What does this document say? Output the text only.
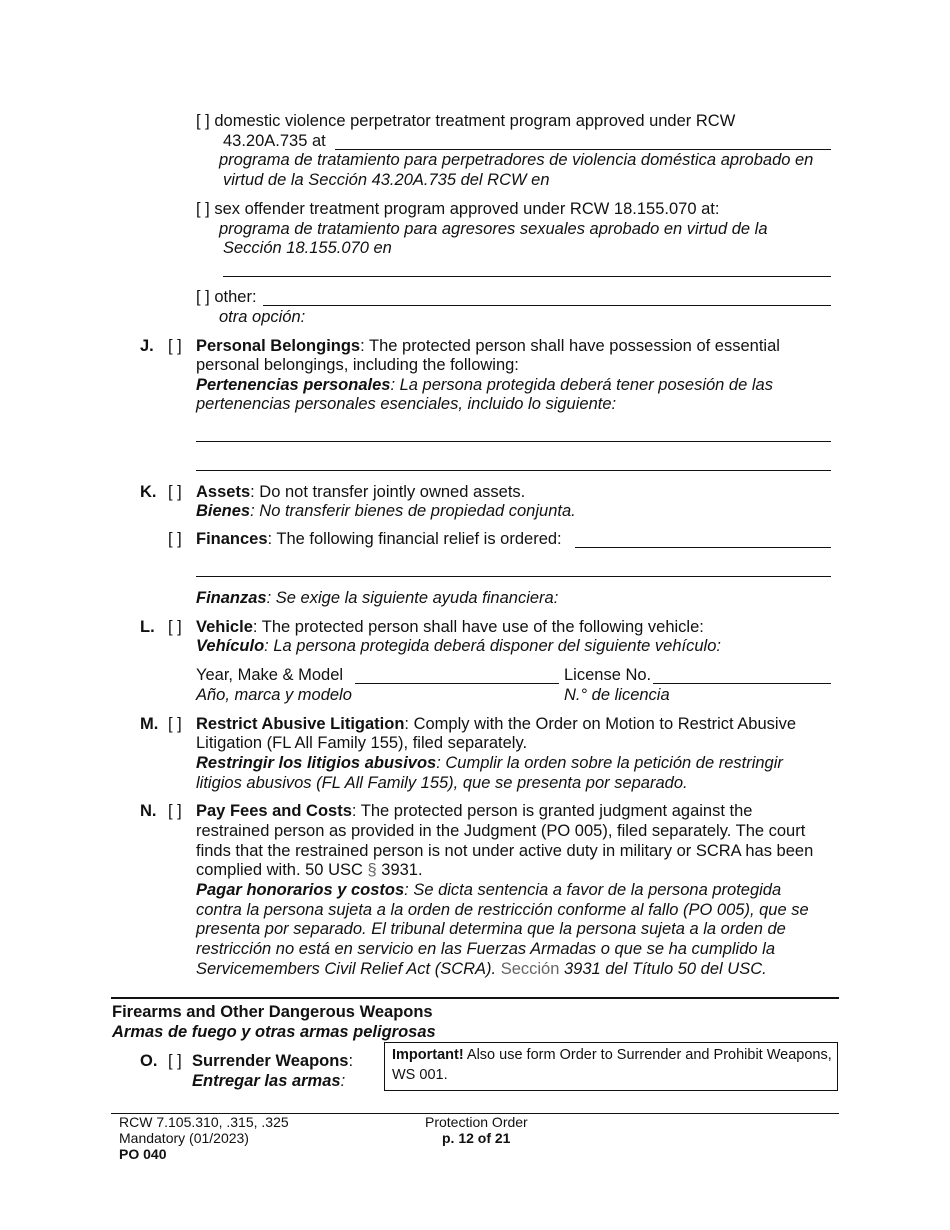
[ ] domestic violence perpetrator treatment program approved under RCW
43.20A.735 at
programa de tratamiento para perpetradores de violencia doméstica aprobado en
virtud de la Sección 43.20A.735 del RCW en
[ ] sex offender treatment program approved under RCW 18.155.070 at:
programa de tratamiento para agresores sexuales aprobado en virtud de la
Sección 18.155.070 en
[ ] other:
otra opción:
J. [ ] Personal Belongings: The protected person shall have possession of essential
personal belongings, including the following:
Pertenencias personales: La persona protegida deberá tener posesión de las
pertenencias personales esenciales, incluido lo siguiente:
K. [ ] Assets: Do not transfer jointly owned assets.
Bienes: No transferir bienes de propiedad conjunta.
[ ] Finances: The following financial relief is ordered:
Finanzas: Se exige la siguiente ayuda financiera:
L. [ ] Vehicle: The protected person shall have use of the following vehicle:
Vehículo: La persona protegida deberá disponer del siguiente vehículo:
Year, Make & Model
Año, marca y modelo
License No.
N.° de licencia
M. [ ] Restrict Abusive Litigation: Comply with the Order on Motion to Restrict Abusive
Litigation (FL All Family 155), filed separately.
Restringir los litigios abusivos: Cumplir la orden sobre la petición de restringir
litigios abusivos (FL All Family 155), que se presenta por separado.
N. [ ] Pay Fees and Costs: The protected person is granted judgment against the
restrained person as provided in the Judgment (PO 005), filed separately. The court
finds that the restrained person is not under active duty in military or SCRA has been
complied with. 50 USC § 3931.
Pagar honorarios y costos: Se dicta sentencia a favor de la persona protegida
contra la persona sujeta a la orden de restricción conforme al fallo (PO 005), que se
presenta por separado. El tribunal determina que la persona sujeta a la orden de
restricción no está en servicio en las Fuerzas Armadas o que se ha cumplido la
Servicemembers Civil Relief Act (SCRA). Sección 3931 del Título 50 del USC.
Firearms and Other Dangerous Weapons
Armas de fuego y otras armas peligrosas
O. [ ] Surrender Weapons:
Entregar las armas:
Important! Also use form Order to Surrender and Prohibit Weapons,
WS 001.
RCW 7.105.310, .315, .325
Mandatory (01/2023)
PO 040
Protection Order
p. 12 of 21
